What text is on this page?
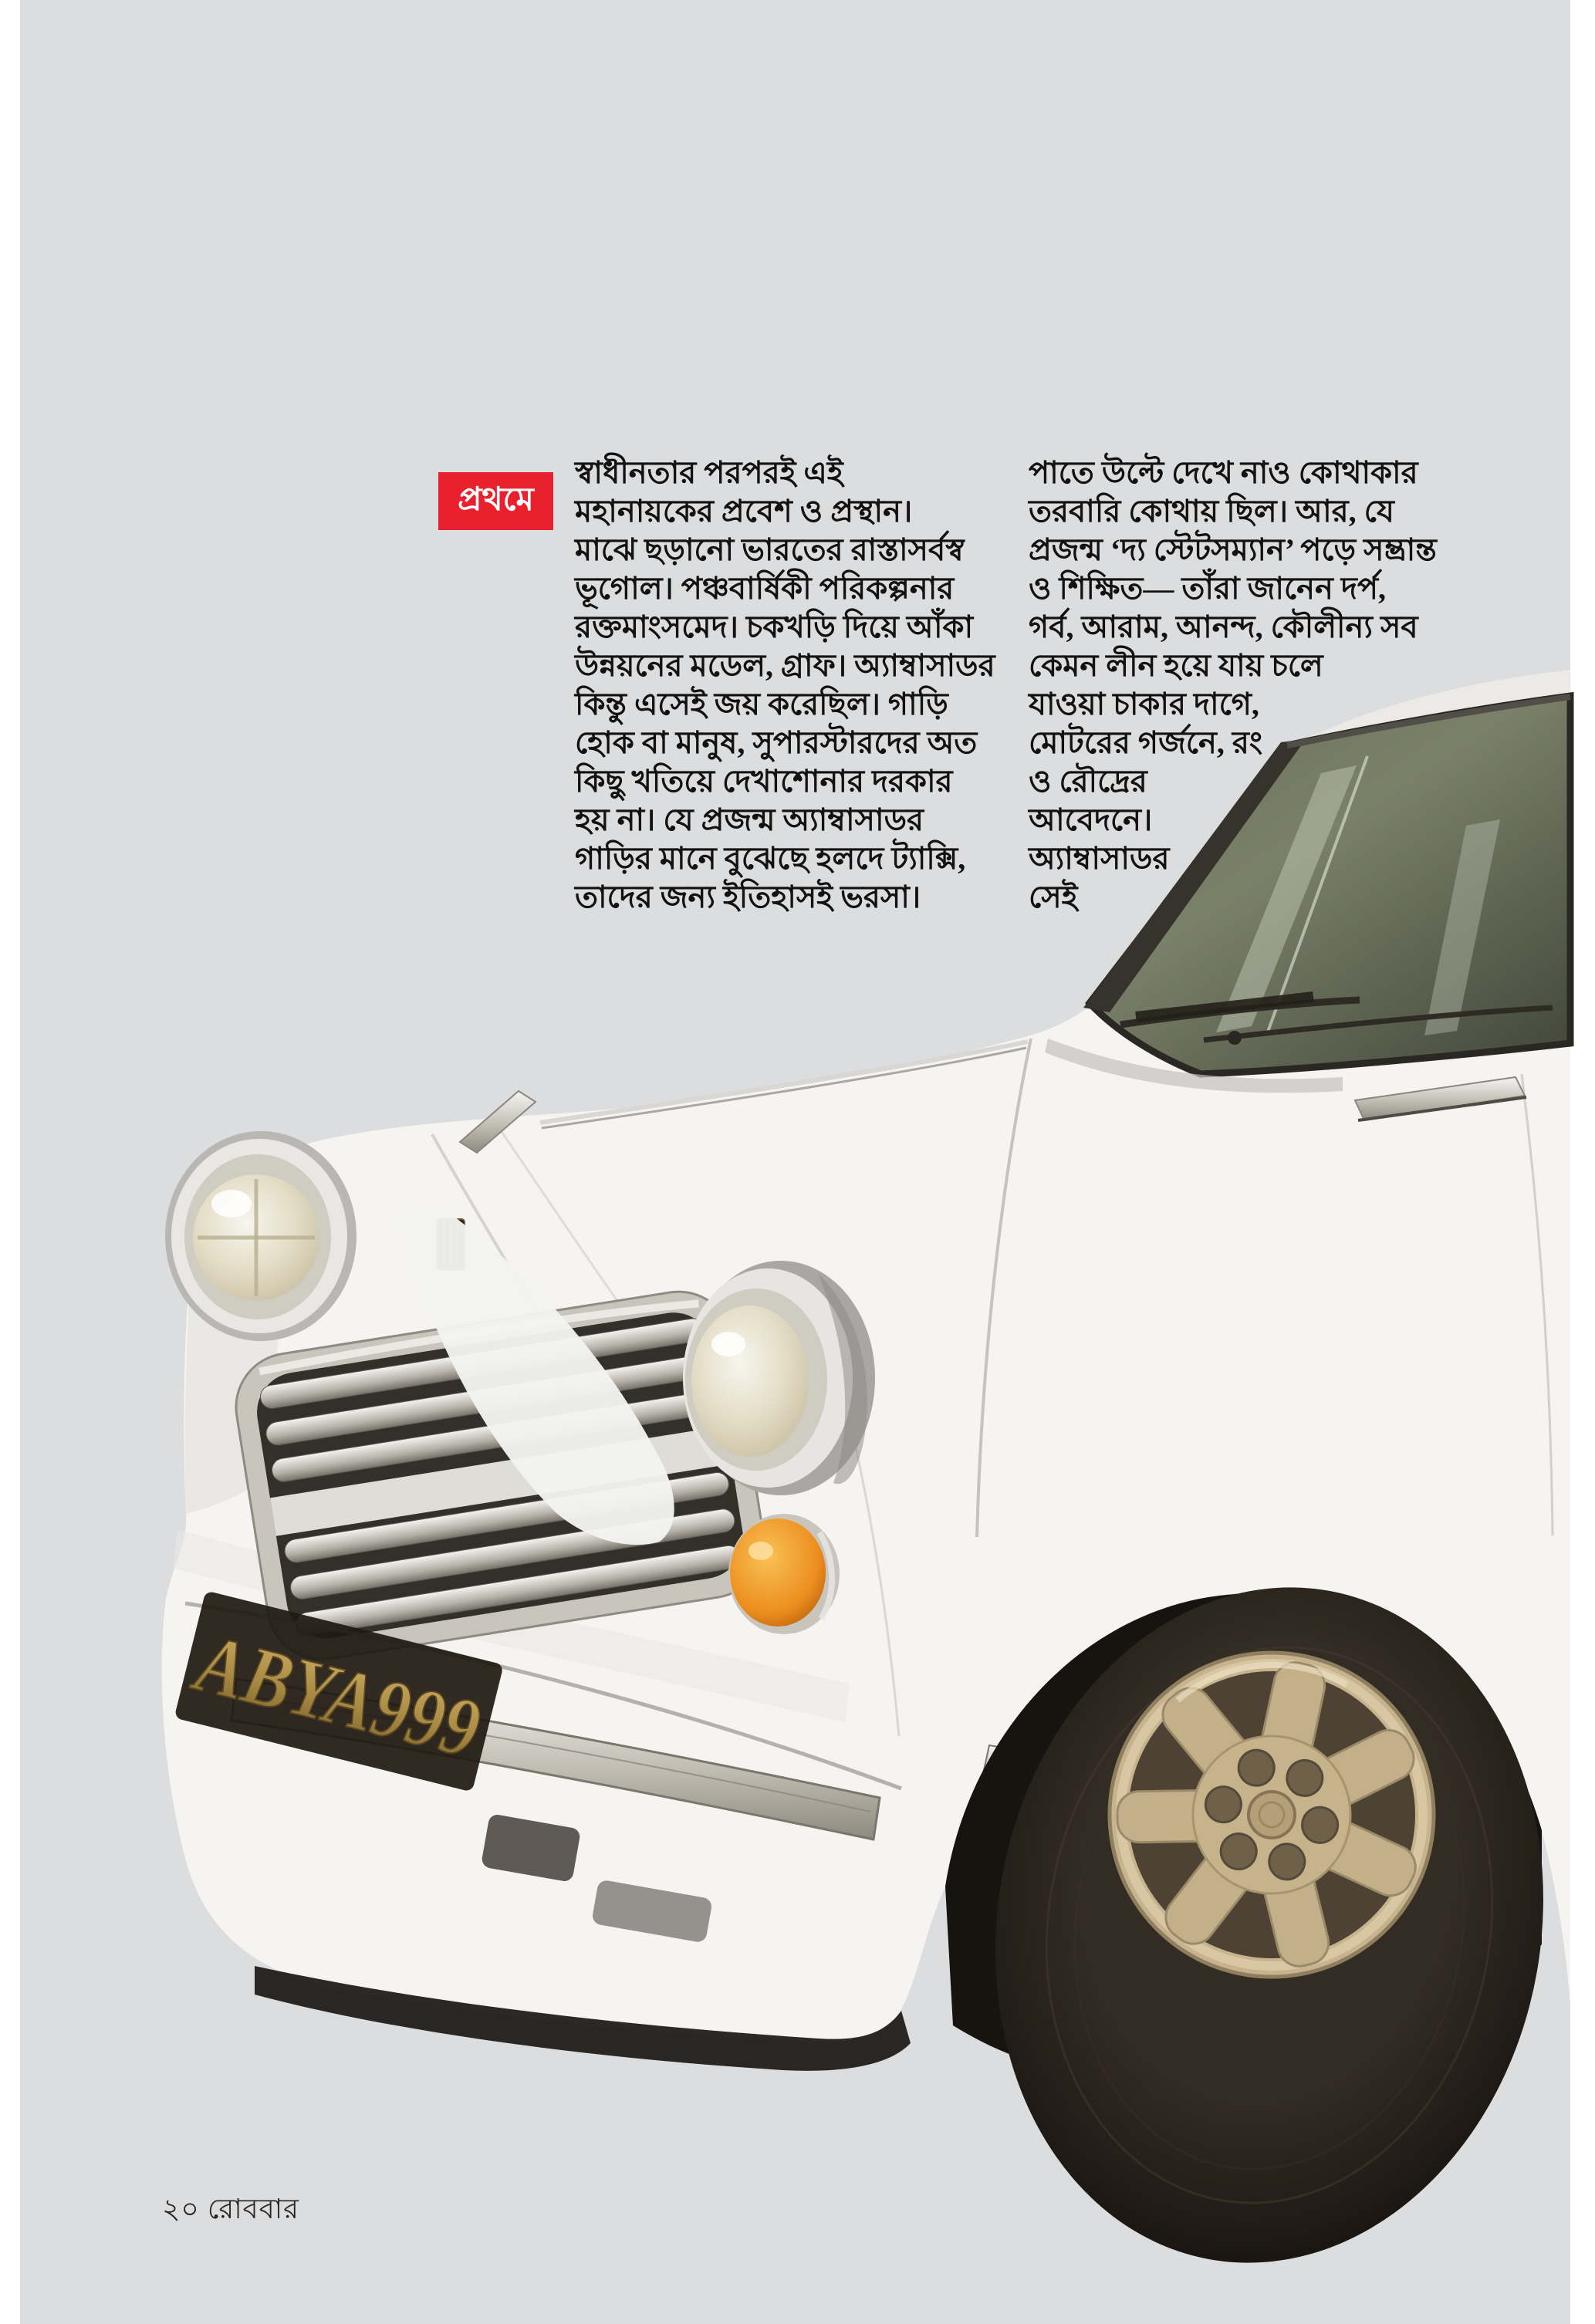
ABYA999
প্রথমে
স্বাধীনতার পরপরই এই
মহানায়কের প্রবেশ ও প্রস্থান।
মাঝে ছড়ানো ভারতের রাস্তাসর্বস্ব
ভূগোল। পঞ্চবার্ষিকী পরিকল্পনার
রক্তমাংসমেদ। চকখড়ি দিয়ে আঁকা
উন্নয়নের মডেল, গ্রাফ। অ্যাম্বাসাডর
কিন্তু এসেই জয় করেছিল। গাড়ি
হোক বা মানুষ, সুপারস্টারদের অত
কিছু খতিয়ে দেখাশোনার দরকার
হয় না। যে প্রজন্ম অ্যাম্বাসাডর
গাড়ির মানে বুঝেছে হলদে ট্যাক্সি,
তাদের জন্য ইতিহাসই ভরসা।
পাতে উল্টে দেখে নাও কোথাকার
তরবারি কোথায় ছিল। আর, যে
প্রজন্ম ‘দ্য স্টেটসম্যান’ পড়ে সম্ভ্রান্ত
ও শিক্ষিত— তাঁরা জানেন দর্প,
গর্ব, আরাম, আনন্দ, কৌলীন্য সব
কেমন লীন হয়ে যায় চলে
যাওয়া চাকার দাগে,
মোটরের গর্জনে, রং
ও রৌদ্রের
আবেদনে।
অ্যাম্বাসাডর
সেই
২০ রোববার
